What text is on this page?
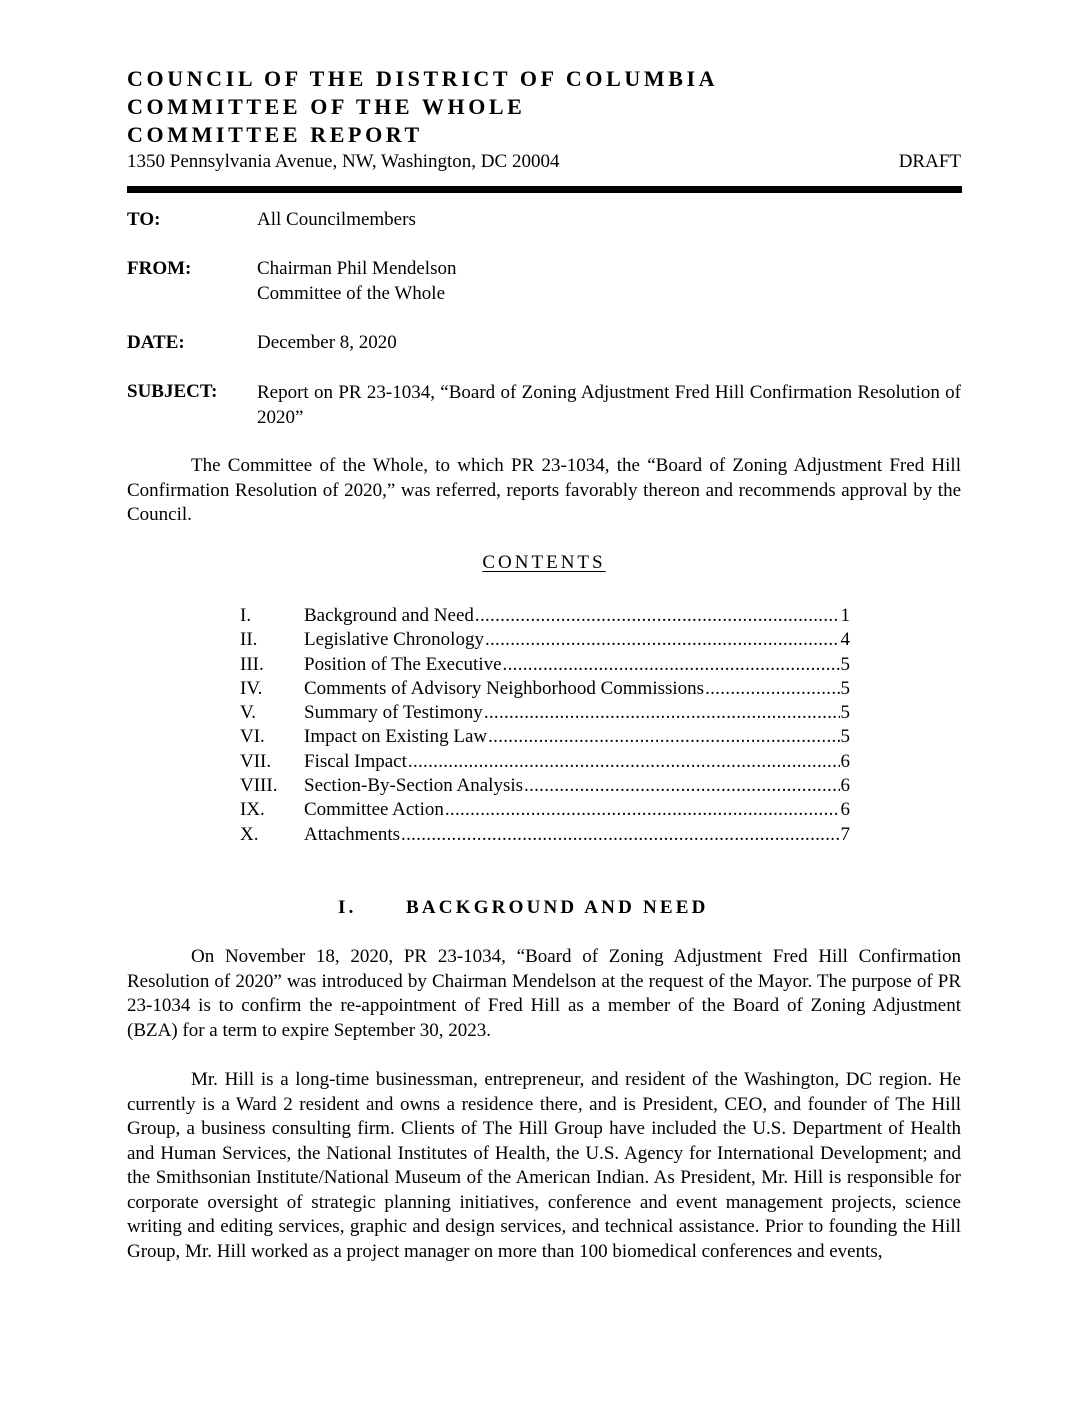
COUNCIL OF THE DISTRICT OF COLUMBIA
COMMITTEE OF THE WHOLE
COMMITTEE REPORT
1350 Pennsylvania Avenue, NW, Washington, DC 20004	DRAFT
TO:	All Councilmembers
FROM:	Chairman Phil Mendelson
Committee of the Whole
DATE:	December 8, 2020
SUBJECT: Report on PR 23-1034, “Board of Zoning Adjustment Fred Hill Confirmation Resolution of 2020”
The Committee of the Whole, to which PR 23-1034, the “Board of Zoning Adjustment Fred Hill Confirmation Resolution of 2020,” was referred, reports favorably thereon and recommends approval by the Council.
CONTENTS
I.	Background and Need .....	1
II.	Legislative Chronology .....	4
III.	Position of The Executive .....	5
IV.	Comments of Advisory Neighborhood Commissions .....	5
V.	Summary of Testimony .....	5
VI.	Impact on Existing Law .....	5
VII.	Fiscal Impact .....	6
VIII.	Section-By-Section Analysis .....	6
IX.	Committee Action .....	6
X.	Attachments .....	7
I.	BACKGROUND AND NEED
On November 18, 2020, PR 23-1034, “Board of Zoning Adjustment Fred Hill Confirmation Resolution of 2020” was introduced by Chairman Mendelson at the request of the Mayor. The purpose of PR 23-1034 is to confirm the re-appointment of Fred Hill as a member of the Board of Zoning Adjustment (BZA) for a term to expire September 30, 2023.
Mr. Hill is a long-time businessman, entrepreneur, and resident of the Washington, DC region. He currently is a Ward 2 resident and owns a residence there, and is President, CEO, and founder of The Hill Group, a business consulting firm. Clients of The Hill Group have included the U.S. Department of Health and Human Services, the National Institutes of Health, the U.S. Agency for International Development; and the Smithsonian Institute/National Museum of the American Indian. As President, Mr. Hill is responsible for corporate oversight of strategic planning initiatives, conference and event management projects, science writing and editing services, graphic and design services, and technical assistance. Prior to founding the Hill Group, Mr. Hill worked as a project manager on more than 100 biomedical conferences and events,
